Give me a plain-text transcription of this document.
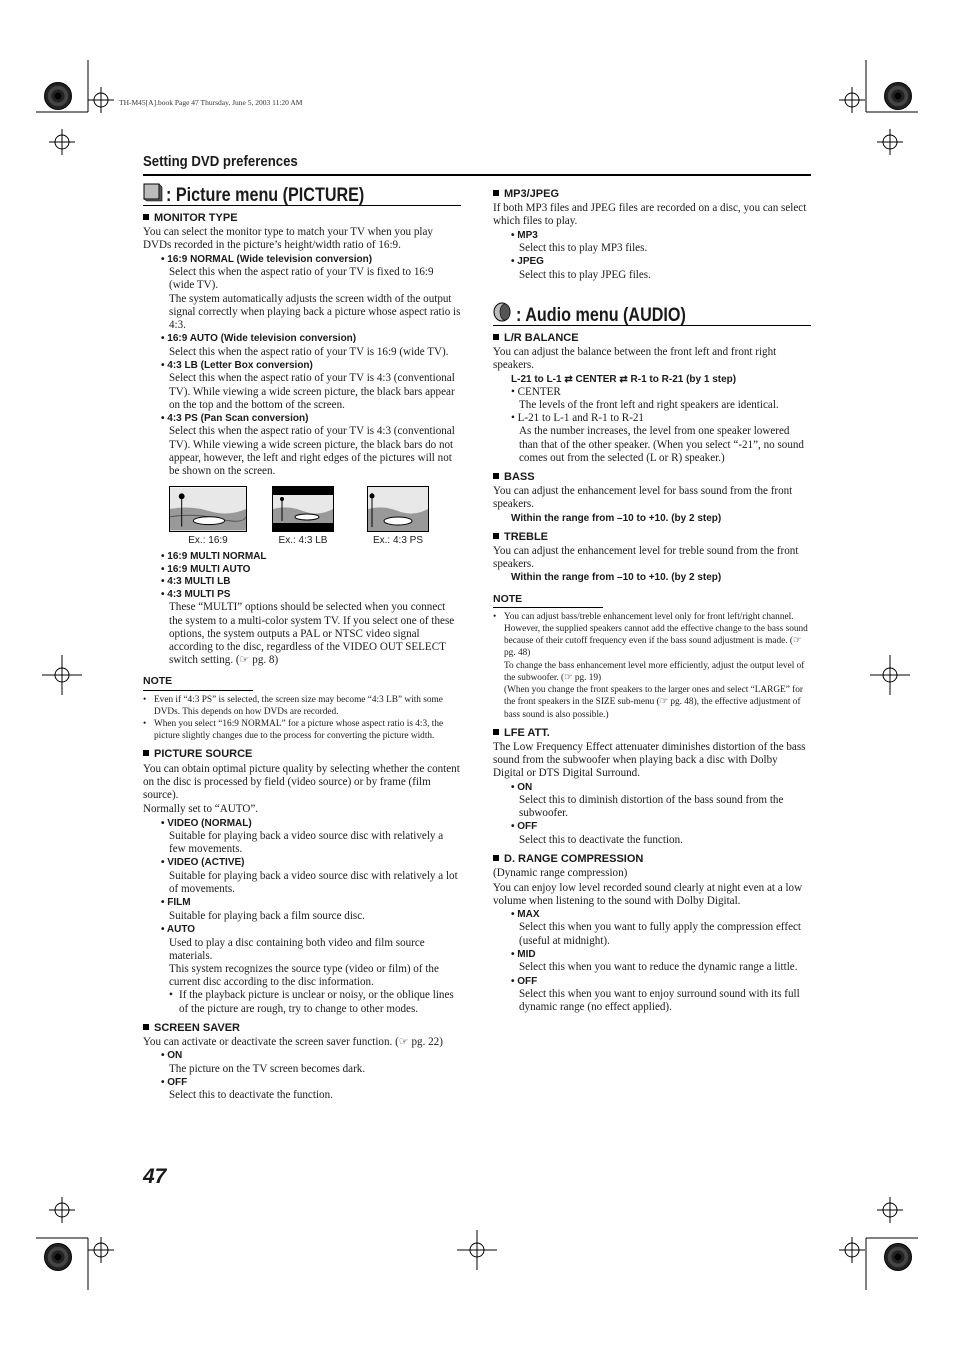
TH-M45[A].book Page 47 Thursday, June 5, 2003 11:20 AM
Setting DVD preferences
: Picture menu (PICTURE)
MONITOR TYPE
You can select the monitor type to match your TV when you play DVDs recorded in the picture’s height/width ratio of 16:9.
• 16:9 NORMAL (Wide television conversion)
Select this when the aspect ratio of your TV is fixed to 16:9 (wide TV).
The system automatically adjusts the screen width of the output signal correctly when playing back a picture whose aspect ratio is 4:3.
• 16:9 AUTO (Wide television conversion)
Select this when the aspect ratio of your TV is 16:9 (wide TV).
• 4:3 LB (Letter Box conversion)
Select this when the aspect ratio of your TV is 4:3 (conventional TV). While viewing a wide screen picture, the black bars appear on the top and the bottom of the screen.
• 4:3 PS (Pan Scan conversion)
Select this when the aspect ratio of your TV is 4:3 (conventional TV). While viewing a wide screen picture, the black bars do not appear, however, the left and right edges of the pictures will not be shown on the screen.
Ex.: 16:9	Ex.: 4:3 LB	Ex.: 4:3 PS
• 16:9 MULTI NORMAL
• 16:9 MULTI AUTO
• 4:3 MULTI LB
• 4:3 MULTI PS
These “MULTI” options should be selected when you connect the system to a multi-color system TV. If you select one of these options, the system outputs a PAL or NTSC video signal according to the disc, regardless of the VIDEO OUT SELECT switch setting. (☞ pg. 8)
NOTE
• Even if “4:3 PS” is selected, the screen size may become “4:3 LB” with some DVDs. This depends on how DVDs are recorded.
• When you select “16:9 NORMAL” for a picture whose aspect ratio is 4:3, the picture slightly changes due to the process for converting the picture width.
PICTURE SOURCE
You can obtain optimal picture quality by selecting whether the content on the disc is processed by field (video source) or by frame (film source).
Normally set to “AUTO”.
• VIDEO (NORMAL)
Suitable for playing back a video source disc with relatively a few movements.
• VIDEO (ACTIVE)
Suitable for playing back a video source disc with relatively a lot of movements.
• FILM
Suitable for playing back a film source disc.
• AUTO
Used to play a disc containing both video and film source materials.
This system recognizes the source type (video or film) of the current disc according to the disc information.
• If the playback picture is unclear or noisy, or the oblique lines of the picture are rough, try to change to other modes.
SCREEN SAVER
You can activate or deactivate the screen saver function. (☞ pg. 22)
• ON
The picture on the TV screen becomes dark.
• OFF
Select this to deactivate the function.
MP3/JPEG
If both MP3 files and JPEG files are recorded on a disc, you can select which files to play.
• MP3
Select this to play MP3 files.
• JPEG
Select this to play JPEG files.
: Audio menu (AUDIO)
L/R BALANCE
You can adjust the balance between the front left and front right speakers.
L-21 to L-1 ⇄ CENTER ⇄ R-1 to R-21 (by 1 step)
• CENTER
The levels of the front left and right speakers are identical.
• L-21 to L-1 and R-1 to R-21
As the number increases, the level from one speaker lowered than that of the other speaker. (When you select “-21”, no sound comes out from the selected (L or R) speaker.)
BASS
You can adjust the enhancement level for bass sound from the front speakers.
Within the range from –10 to +10. (by 2 step)
TREBLE
You can adjust the enhancement level for treble sound from the front speakers.
Within the range from –10 to +10. (by 2 step)
NOTE
• You can adjust bass/treble enhancement level only for front left/right channel. However, the supplied speakers cannot add the effective change to the bass sound because of their cutoff frequency even if the bass sound adjustment is made. (☞ pg. 48)
To change the bass enhancement level more efficiently, adjust the output level of the subwoofer. (☞ pg. 19)
(When you change the front speakers to the larger ones and select “LARGE” for the front speakers in the SIZE sub-menu (☞ pg. 48), the effective adjustment of bass sound is also possible.)
LFE ATT.
The Low Frequency Effect attenuater diminishes distortion of the bass sound from the subwoofer when playing back a disc with Dolby Digital or DTS Digital Surround.
• ON
Select this to diminish distortion of the bass sound from the subwoofer.
• OFF
Select this to deactivate the function.
D. RANGE COMPRESSION
(Dynamic range compression)
You can enjoy low level recorded sound clearly at night even at a low volume when listening to the sound with Dolby Digital.
• MAX
Select this when you want to fully apply the compression effect (useful at midnight).
• MID
Select this when you want to reduce the dynamic range a little.
• OFF
Select this when you want to enjoy surround sound with its full dynamic range (no effect applied).
47
